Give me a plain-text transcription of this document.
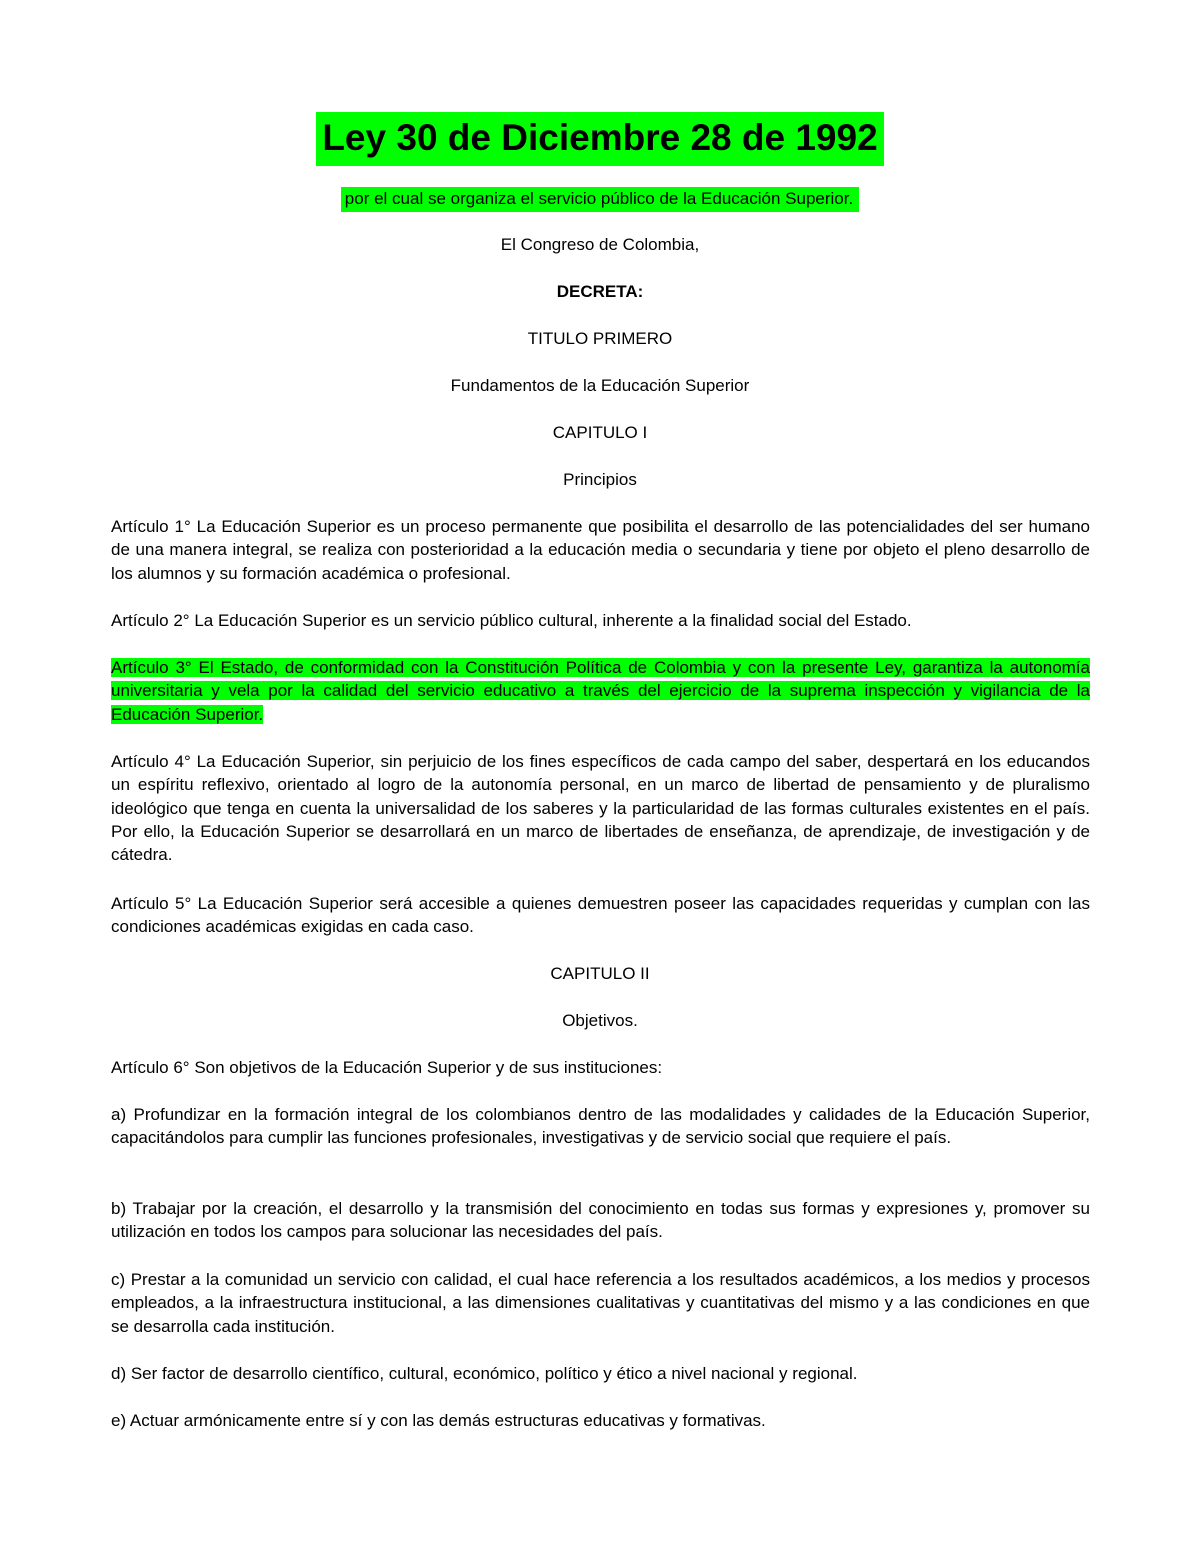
Ley 30 de Diciembre 28 de 1992
por el cual se organiza el servicio público de la Educación Superior.
El Congreso de Colombia,
DECRETA:
TITULO PRIMERO
Fundamentos de la Educación Superior
CAPITULO I
Principios

Artículo 1° La Educación Superior es un proceso permanente que posibilita el desarrollo de las potencialidades del ser humano de una manera integral, se realiza con posterioridad a la educación media o secundaria y tiene por objeto el pleno desarrollo de los alumnos y su formación académica o profesional.

Artículo 2° La Educación Superior es un servicio público cultural, inherente a la finalidad social del Estado.

Artículo 3° El Estado, de conformidad con la Constitución Política de Colombia y con la presente Ley, garantiza la autonomía universitaria y vela por la calidad del servicio educativo a través del ejercicio de la suprema inspección y vigilancia de la Educación Superior.

Artículo 4° La Educación Superior, sin perjuicio de los fines específicos de cada campo del saber, despertará en los educandos un espíritu reflexivo, orientado al logro de la autonomía personal, en un marco de libertad de pensamiento y de pluralismo ideológico que tenga en cuenta la universalidad de los saberes y la particularidad de las formas culturales existentes en el país. Por ello, la Educación Superior se desarrollará en un marco de libertades de enseñanza, de aprendizaje, de investigación y de cátedra.

Artículo 5° La Educación Superior será accesible a quienes demuestren poseer las capacidades requeridas y cumplan con las condiciones académicas exigidas en cada caso.

CAPITULO II
Objetivos.

Artículo 6° Son objetivos de la Educación Superior y de sus instituciones:

a) Profundizar en la formación integral de los colombianos dentro de las modalidades y calidades de la Educación Superior, capacitándolos para cumplir las funciones profesionales, investigativas y de servicio social que requiere el país.

b) Trabajar por la creación, el desarrollo y la transmisión del conocimiento en todas sus formas y expresiones y, promover su utilización en todos los campos para solucionar las necesidades del país.

c) Prestar a la comunidad un servicio con calidad, el cual hace referencia a los resultados académicos, a los medios y procesos empleados, a la infraestructura institucional, a las dimensiones cualitativas y cuantitativas del mismo y a las condiciones en que se desarrolla cada institución.

d) Ser factor de desarrollo científico, cultural, económico, político y ético a nivel nacional y regional.

e) Actuar armónicamente entre sí y con las demás estructuras educativas y formativas.
